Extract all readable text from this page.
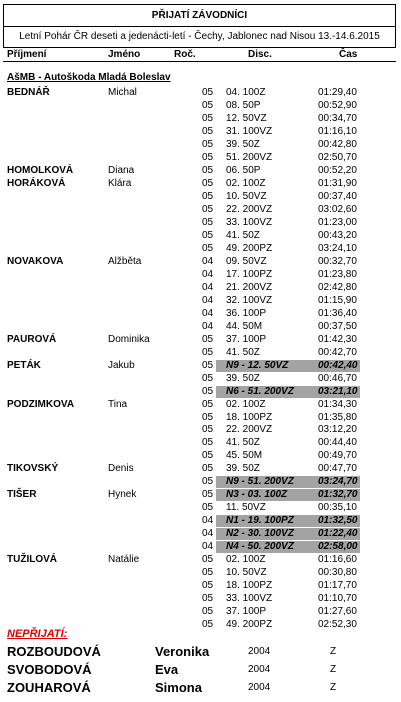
PŘIJATÍ ZÁVODNÍCI
Letní Pohár ČR deseti a jedenácti-letí - Čechy, Jablonec nad Nisou 13.-14.6.2015
Příjmení	Jméno	Roč.	Disc.	Čas
AšMB - Autoškoda Mladá Boleslav
BEDNÁŘ	Michal	05 04. 100Z	01:29,40
05 08. 50P	00:52,90
05 12. 50VZ	00:34,70
05 31. 100VZ	01:16,10
05 39. 50Z	00:42,80
05 51. 200VZ	02:50,70
HOMOLKOVÁ	Diana	05 06. 50P	00:52,20
HORÁKOVÁ	Klára	05 02. 100Z	01:31,90
05 10. 50VZ	00:37,40
05 22. 200VZ	03:02,60
05 33. 100VZ	01:23,00
05 41. 50Z	00:43,20
05 49. 200PZ	03:24,10
NOVAKOVA	Alžběta	04 09. 50VZ	00:32,70
04 17. 100PZ	01:23,80
04 21. 200VZ	02:42,80
04 32. 100VZ	01:15,90
04 36. 100P	01:36,40
04 44. 50M	00:37,50
PAUROVÁ	Dominika	05 37. 100P	01:42,30
05 41. 50Z	00:42,70
PETÁK	Jakub	05 N9 - 12. 50VZ	00:42,40
05 39. 50Z	00:46,70
05 N6 - 51. 200VZ 03:21,10
PODZIMKOVA	Tina	05 02. 100Z	01:34,30
05 18. 100PZ	01:35,80
05 22. 200VZ	03:12,20
05 41. 50Z	00:44,40
05 45. 50M	00:49,70
TIKOVSKÝ	Denis	05 39. 50Z	00:47,70
05 N9 - 51. 200VZ 03:24,70
TIŠER	Hynek	05 N3 - 03. 100Z	01:32,70
05 11. 50VZ	00:35,10
04 N1 - 19. 100PZ 01:32,50
04 N2 - 30. 100VZ 01:22,40
04 N4 - 50. 200VZ 02:58,00
TUŽILOVÁ	Natálie	05 02. 100Z	01:16,60
05 10. 50VZ	00:30,80
05 18. 100PZ	01:17,70
05 33. 100VZ	01:10,70
05 37. 100P	01:27,60
05 49. 200PZ	02:52,30
NEPŘIJATÍ:
ROZBOUDOVÁ	Veronika	2004	Z
SVOBODOVÁ	Eva	2004	Z
ZOUHAROVÁ	Simona	2004	Z
